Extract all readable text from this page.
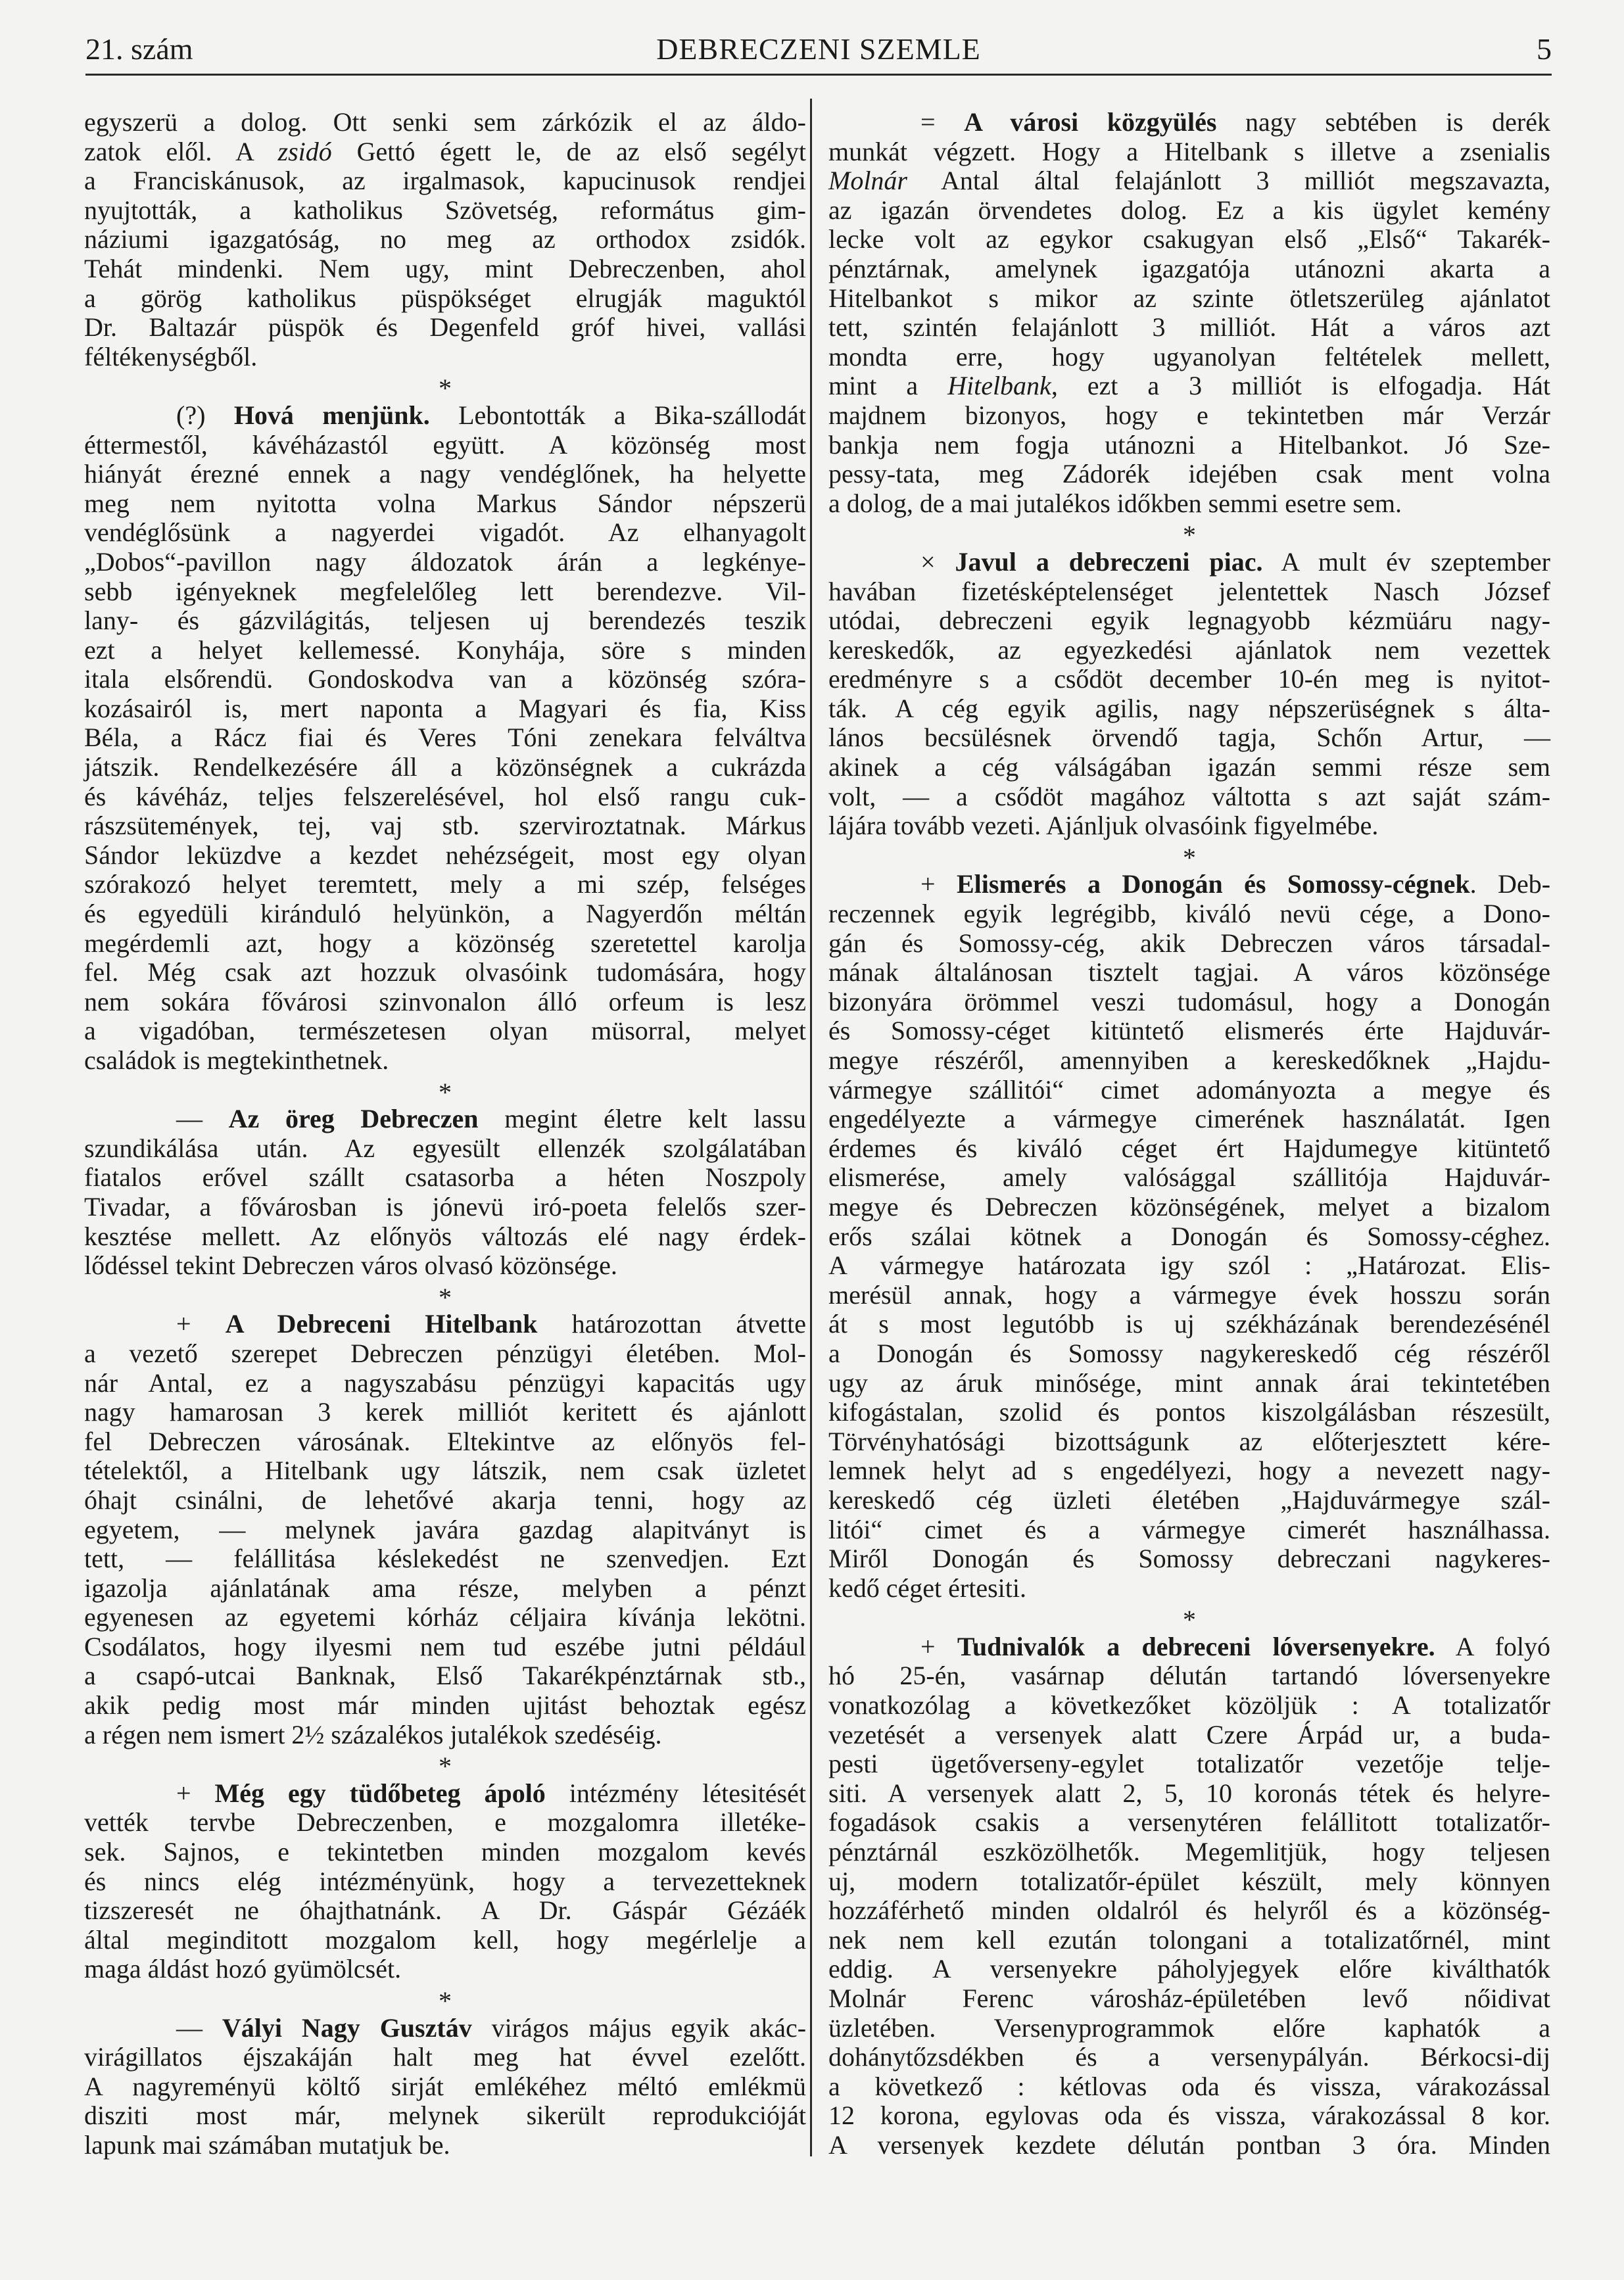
DEBRECZENI SZEMLE
21. szám	5
egyszerü a dolog. Ott senki sem zárkózik el az áldo-
zatok elől. A zsidó Gettó égett le, de az első segélyt
a Franciskánusok, az irgalmasok, kapucinusok rendjei
nyujtották, a katholikus Szövetség, református gim-
náziumi igazgatóság, no meg az orthodox zsidók.
Tehát mindenki. Nem ugy, mint Debreczenben, ahol
a görög katholikus püspökséget elrugják maguktól
Dr. Baltazár püspök és Degenfeld gróf hivei, vallási
féltékenységből.
*
(?) Hová menjünk. Lebontották a Bika-szállodát
éttermestől, kávéházastól együtt. A közönség most
hiányát érezné ennek a nagy vendéglőnek, ha helyette
meg nem nyitotta volna Markus Sándor népszerü
vendéglősünk a nagyerdei vigadót. Az elhanyagolt
„Dobos“-pavillon nagy áldozatok árán a legkénye-
sebb igényeknek megfelelőleg lett berendezve. Vil-
lany- és gázvilágitás, teljesen uj berendezés teszik
ezt a helyet kellemessé. Konyhája, söre s minden
itala elsőrendü. Gondoskodva van a közönség szóra-
kozásairól is, mert naponta a Magyari és fia, Kiss
Béla, a Rácz fiai és Veres Tóni zenekara felváltva
játszik. Rendelkezésére áll a közönségnek a cukrázda
és kávéház, teljes felszerelésével, hol első rangu cuk-
rászsütemények, tej, vaj stb. szerviroztatnak. Márkus
Sándor leküzdve a kezdet nehézségeit, most egy olyan
szórakozó helyet teremtett, mely a mi szép, felséges
és egyedüli kiránduló helyünkön, a Nagyerdőn méltán
megérdemli azt, hogy a közönség szeretettel karolja
fel. Még csak azt hozzuk olvasóink tudomására, hogy
nem sokára fővárosi szinvonalon álló orfeum is lesz
a vigadóban, természetesen olyan müsorral, melyet
családok is megtekinthetnek.
*
— Az öreg Debreczen megint életre kelt lassu
szundikálása után. Az egyesült ellenzék szolgálatában
fiatalos erővel szállt csatasorba a héten Noszpoly
Tivadar, a fővárosban is jónevü iró-poeta felelős szer-
kesztése mellett. Az előnyös változás elé nagy érdek-
lődéssel tekint Debreczen város olvasó közönsége.
*
+ A Debreceni Hitelbank határozottan átvette
a vezető szerepet Debreczen pénzügyi életében. Mol-
nár Antal, ez a nagyszabásu pénzügyi kapacitás ugy
nagy hamarosan 3 kerek milliót keritett és ajánlott
fel Debreczen városának. Eltekintve az előnyös fel-
tételektől, a Hitelbank ugy látszik, nem csak üzletet
óhajt csinálni, de lehetővé akarja tenni, hogy az
egyetem, — melynek javára gazdag alapitványt is
tett, — felállitása késlekedést ne szenvedjen. Ezt
igazolja ajánlatának ama része, melyben a pénzt
egyenesen az egyetemi kórház céljaira kívánja lekötni.
Csodálatos, hogy ilyesmi nem tud eszébe jutni például
a csapó-utcai Banknak, Első Takarékpénztárnak stb.,
akik pedig most már minden ujitást behoztak egész
a régen nem ismert 2½ százalékos jutalékok szedéséig.
*
+ Még egy tüdőbeteg ápoló intézmény létesitését
vették tervbe Debreczenben, e mozgalomra illetéke-
sek. Sajnos, e tekintetben minden mozgalom kevés
és nincs elég intézményünk, hogy a tervezetteknek
tizszeresét ne óhajthatnánk. A Dr. Gáspár Gézáék
által meginditott mozgalom kell, hogy megérlelje a
maga áldást hozó gyümölcsét.
*
— Vályi Nagy Gusztáv virágos május egyik akác-
virágillatos éjszakáján halt meg hat évvel ezelőtt.
A nagyreményü költő sirját emlékéhez méltó emlékmü
disziti most már, melynek sikerült reprodukcióját
lapunk mai számában mutatjuk be.
= A városi közgyülés nagy sebtében is derék
munkát végzett. Hogy a Hitelbank s illetve a zsenialis
Molnár Antal által felajánlott 3 milliót megszavazta,
az igazán örvendetes dolog. Ez a kis ügylet kemény
lecke volt az egykor csakugyan első „Első“ Takarék-
pénztárnak, amelynek igazgatója utánozni akarta a
Hitelbankot s mikor az szinte ötletszerüleg ajánlatot
tett, szintén felajánlott 3 milliót. Hát a város azt
mondta erre, hogy ugyanolyan feltételek mellett,
mint a Hitelbank, ezt a 3 milliót is elfogadja. Hát
majdnem bizonyos, hogy e tekintetben már Verzár
bankja nem fogja utánozni a Hitelbankot. Jó Sze-
pessy-tata, meg Zádorék idejében csak ment volna
a dolog, de a mai jutalékos időkben semmi esetre sem.
*
× Javul a debreczeni piac. A mult év szeptember
havában fizetésképtelenséget jelentettek Nasch József
utódai, debreczeni egyik legnagyobb kézmüáru nagy-
kereskedők, az egyezkedési ajánlatok nem vezettek
eredményre s a csődöt december 10-én meg is nyitot-
ták. A cég egyik agilis, nagy népszerüségnek s álta-
lános becsülésnek örvendő tagja, Schőn Artur, —
akinek a cég válságában igazán semmi része sem
volt, — a csődöt magához váltotta s azt saját szám-
lájára tovább vezeti. Ajánljuk olvasóink figyelmébe.
*
+ Elismerés a Donogán és Somossy-cégnek. Deb-
reczennek egyik legrégibb, kiváló nevü cége, a Dono-
gán és Somossy-cég, akik Debreczen város társadal-
mának általánosan tisztelt tagjai. A város közönsége
bizonyára örömmel veszi tudomásul, hogy a Donogán
és Somossy-céget kitüntető elismerés érte Hajduvár-
megye részéről, amennyiben a kereskedőknek „Hajdu-
vármegye szállitói“ cimet adományozta a megye és
engedélyezte a vármegye cimerének használatát. Igen
érdemes és kiváló céget ért Hajdumegye kitüntető
elismerése, amely valósággal szállitója Hajduvár-
megye és Debreczen közönségének, melyet a bizalom
erős szálai kötnek a Donogán és Somossy-céghez.
A vármegye határozata igy szól : „Határozat. Elis-
merésül annak, hogy a vármegye évek hosszu során
át s most legutóbb is uj székházának berendezésénél
a Donogán és Somossy nagykereskedő cég részéről
ugy az áruk minősége, mint annak árai tekintetében
kifogástalan, szolid és pontos kiszolgálásban részesült,
Törvényhatósági bizottságunk az előterjesztett kére-
lemnek helyt ad s engedélyezi, hogy a nevezett nagy-
kereskedő cég üzleti életében „Hajduvármegye szál-
litói“ cimet és a vármegye cimerét használhassa.
Miről Donogán és Somossy debreczani nagykeres-
kedő céget értesiti.
*
+ Tudnivalók a debreceni lóversenyekre. A folyó
hó 25-én, vasárnap délután tartandó lóversenyekre
vonatkozólag a következőket közöljük : A totalizatőr
vezetését a versenyek alatt Czere Árpád ur, a buda-
pesti ügetőverseny-egylet totalizatőr vezetője telje-
siti. A versenyek alatt 2, 5, 10 koronás tétek és helyre-
fogadások csakis a versenytéren felállitott totalizatőr-
pénztárnál eszközölhetők. Megemlitjük, hogy teljesen
uj, modern totalizatőr-épület készült, mely könnyen
hozzáférhető minden oldalról és helyről és a közönség-
nek nem kell ezután tolongani a totalizatőrnél, mint
eddig. A versenyekre páholyjegyek előre kiválthatók
Molnár Ferenc városház-épületében levő nőidivat
üzletében. Versenyprogrammok előre kaphatók a
dohánytőzsdékben és a versenypályán. Bérkocsi-dij
a következő : kétlovas oda és vissza, várakozással
12 korona, egylovas oda és vissza, várakozással 8 kor.
A versenyek kezdete délután pontban 3 óra. Minden
